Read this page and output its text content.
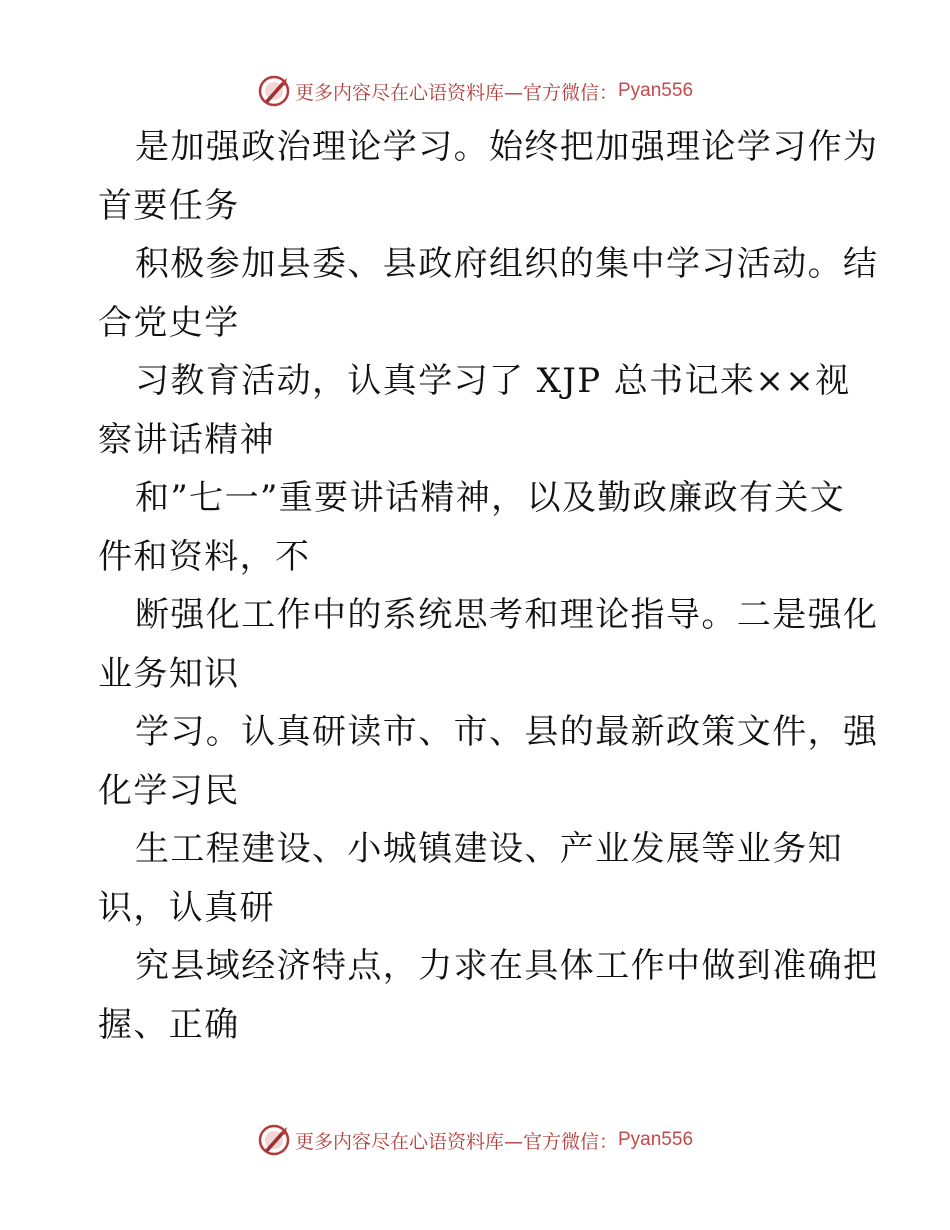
更多内容尽在心语资料库—官方微信： Pyan556
是加强政治理论学习。始终把加强理论学习作为
首要任务
积极参加县委、县政府组织的集中学习活动。结
合党史学
习教育活动，认真学习了 XJP 总书记来××视
察讲话精神
和”七一”重要讲话精神，以及勤政廉政有关文
件和资料，不
断强化工作中的系统思考和理论指导。二是强化
业务知识
学习。认真研读市、市、县的最新政策文件，强
化学习民
生工程建设、小城镇建设、产业发展等业务知
识，认真研
究县域经济特点，力求在具体工作中做到准确把
握、正确
更多内容尽在心语资料库—官方微信： Pyan556
